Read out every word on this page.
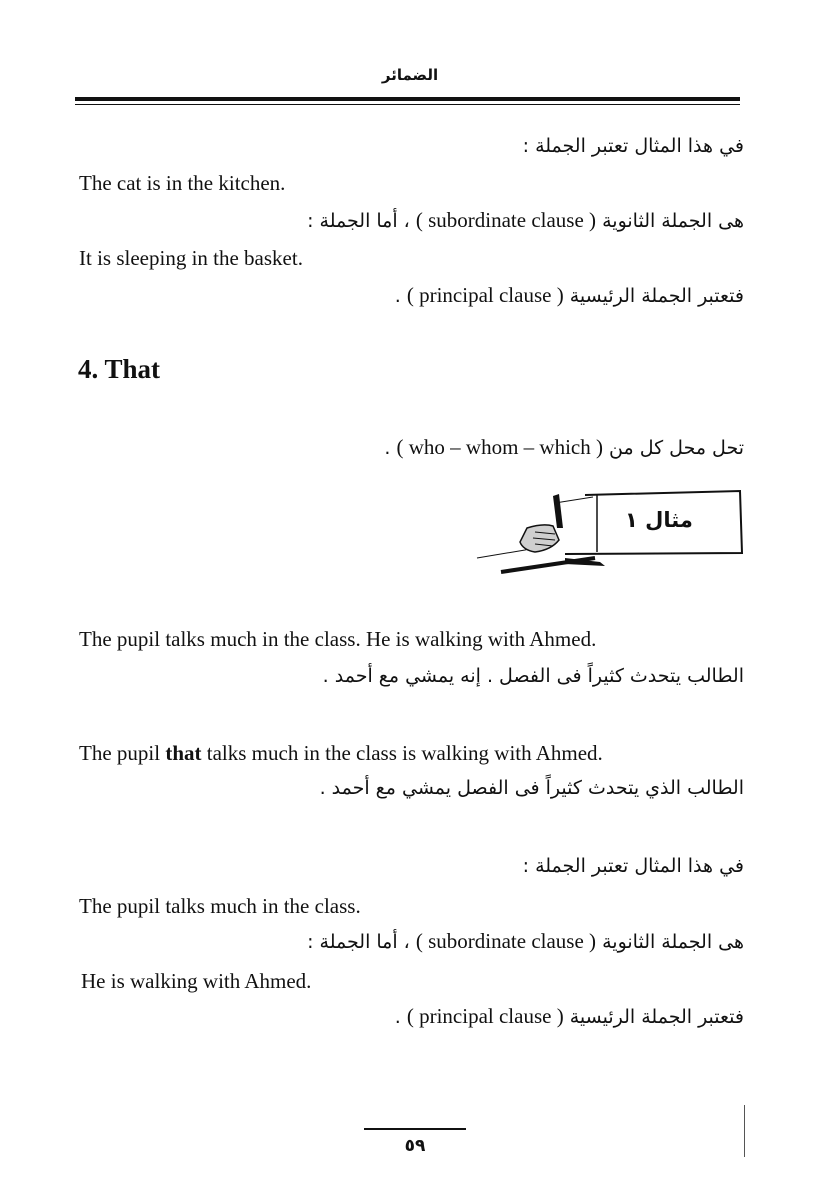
الضمائر
في هذا المثال تعتبر الجملة :
The cat is in the kitchen.
هى الجملة الثانوية ( subordinate clause ) ، أما الجملة :
It is sleeping in the basket.
فتعتبر الجملة الرئيسية ( principal clause ) .
4. That
تحل محل كل من ( who – whom – which ) .
مثال ١
The pupil talks much in the class. He is walking with Ahmed.
الطالب يتحدث كثيراً فى الفصل . إنه يمشي مع أحمد .
The pupil that talks much in the class is walking with Ahmed.
الطالب الذي يتحدث كثيراً فى الفصل يمشي مع أحمد .
في هذا المثال تعتبر الجملة :
The pupil talks much in the class.
هى الجملة الثانوية ( subordinate clause ) ، أما الجملة :
He is walking with Ahmed.
فتعتبر الجملة الرئيسية ( principal clause ) .
٥٩
